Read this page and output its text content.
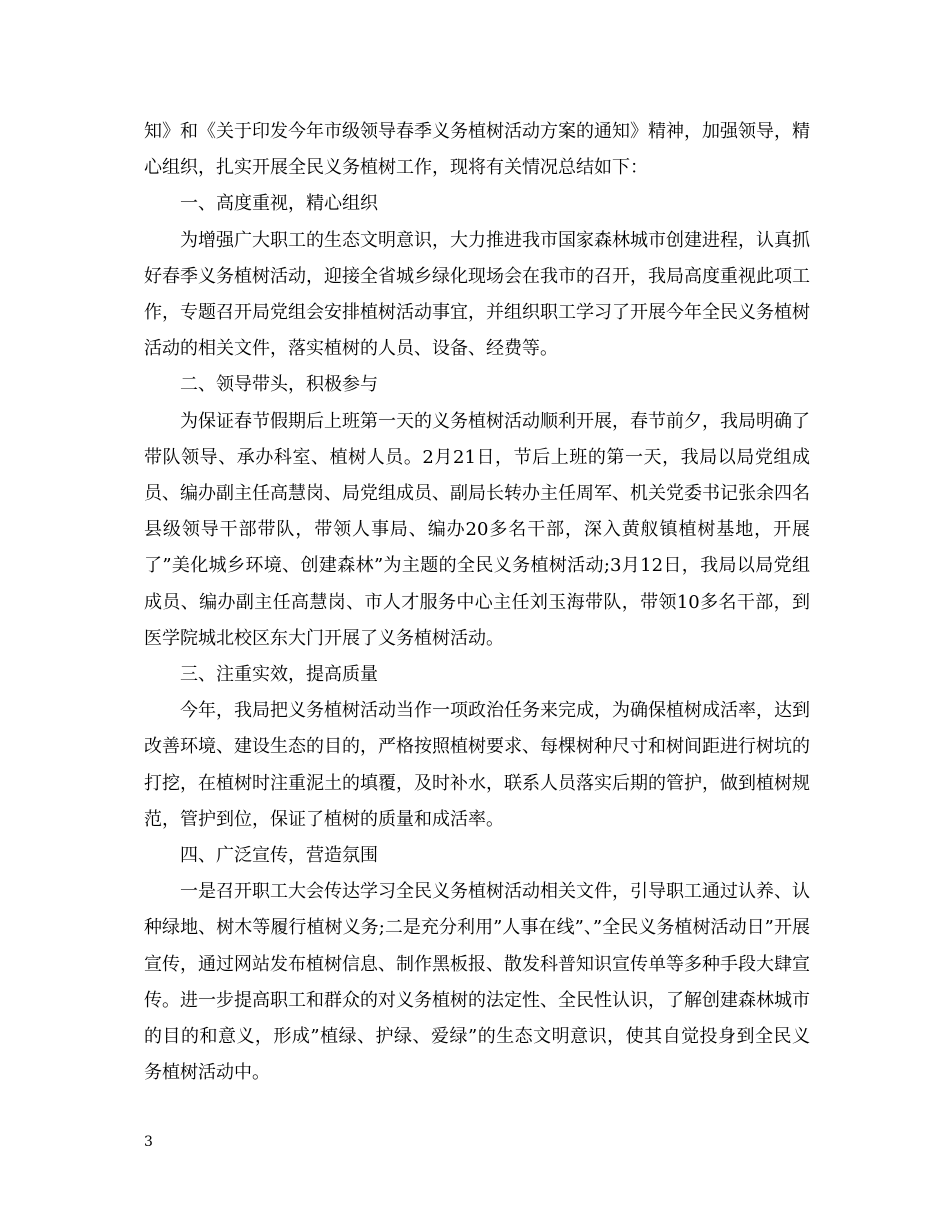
知》和《关于印发今年市级领导春季义务植树活动方案的通知》精神，加强领导，精心组织，扎实开展全民义务植树工作，现将有关情况总结如下：

一、高度重视，精心组织

为增强广大职工的生态文明意识，大力推进我市国家森林城市创建进程，认真抓好春季义务植树活动，迎接全省城乡绿化现场会在我市的召开，我局高度重视此项工作，专题召开局党组会安排植树活动事宜，并组织职工学习了开展今年全民义务植树活动的相关文件，落实植树的人员、设备、经费等。

二、领导带头，积极参与

为保证春节假期后上班第一天的义务植树活动顺利开展，春节前夕，我局明确了带队领导、承办科室、植树人员。2月21日，节后上班的第一天，我局以局党组成员、编办副主任高慧岗、局党组成员、副局长转办主任周军、机关党委书记张余四名县级领导干部带队，带领人事局、编办20多名干部，深入黄舣镇植树基地，开展了”美化城乡环境、创建森林”为主题的全民义务植树活动;3月12日，我局以局党组成员、编办副主任高慧岗、市人才服务中心主任刘玉海带队，带领10多名干部，到医学院城北校区东大门开展了义务植树活动。

三、注重实效，提高质量

今年，我局把义务植树活动当作一项政治任务来完成，为确保植树成活率，达到改善环境、建设生态的目的，严格按照植树要求、每棵树种尺寸和树间距进行树坑的打挖，在植树时注重泥土的填覆，及时补水，联系人员落实后期的管护，做到植树规范，管护到位，保证了植树的质量和成活率。

四、广泛宣传，营造氛围

一是召开职工大会传达学习全民义务植树活动相关文件，引导职工通过认养、认种绿地、树木等履行植树义务;二是充分利用”人事在线”、”全民义务植树活动日”开展宣传，通过网站发布植树信息、制作黑板报、散发科普知识宣传单等多种手段大肆宣传。进一步提高职工和群众的对义务植树的法定性、全民性认识，了解创建森林城市的目的和意义，形成”植绿、护绿、爱绿”的生态文明意识，使其自觉投身到全民义务植树活动中。

3
